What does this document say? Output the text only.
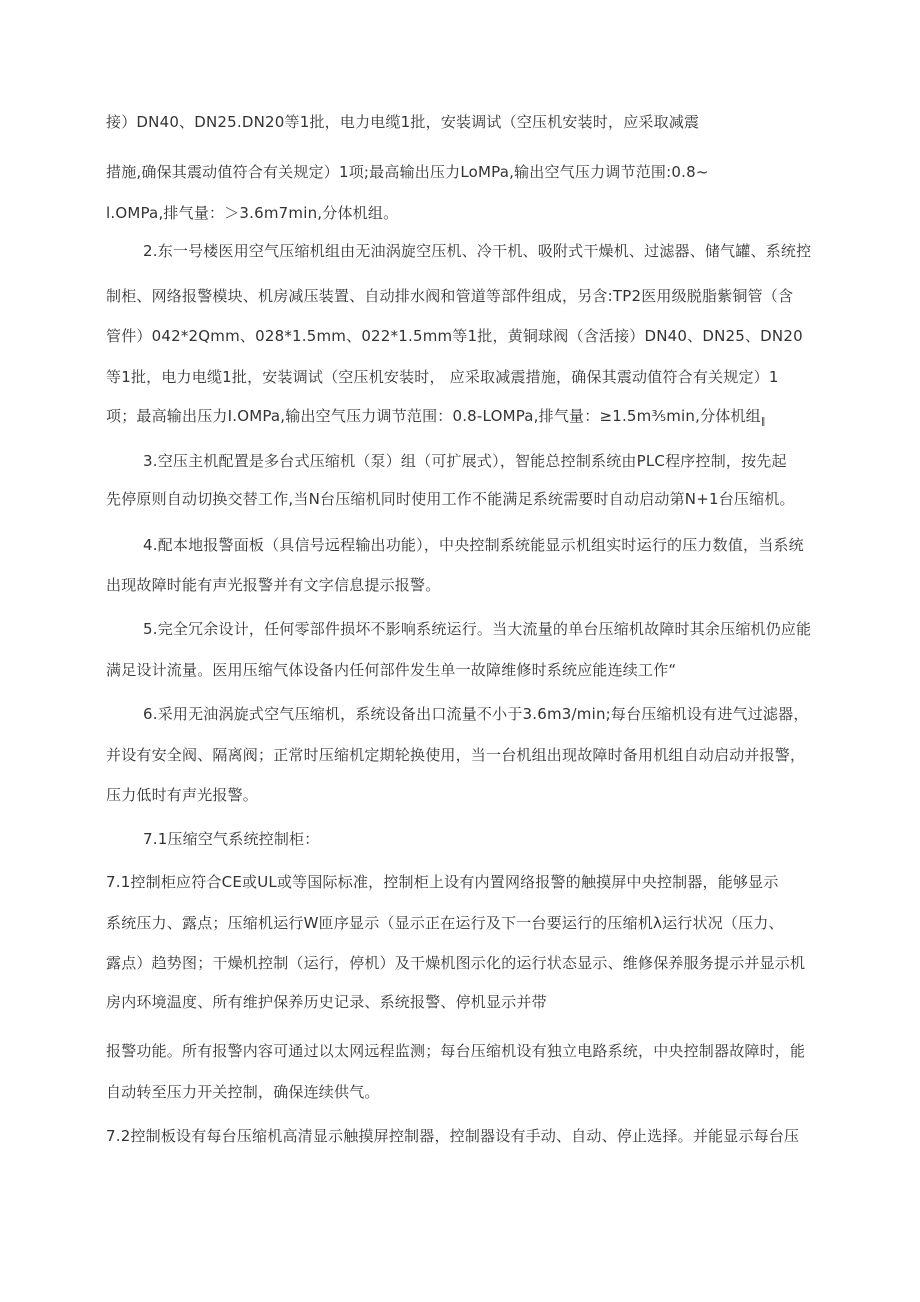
接）DN40、DN25.DN20等1批，电力电缆1批，安装调试（空压机安装时，应采取减震
措施,确保其震动值符合有关规定）1项;最高输出压力LoMPa,输出空气压力调节范围:0.8~
l.OMPa,排气量：＞3.6m7min,分体机组。
2.东一号楼医用空气压缩机组由无油涡旋空压机、冷干机、吸附式干燥机、过滤器、储气罐、系统控
制柜、网络报警模块、机房减压装置、自动排水阀和管道等部件组成，另含:TP2医用级脱脂紫铜管（含
管件）042*2Qmm、028*1.5mm、022*1.5mm等1批，黄铜球阀（含活接）DN40、DN25、DN20
等1批，电力电缆1批，安装调试（空压机安装时， 应采取减震措施，确保其震动值符合有关规定）1
项；最高输出压力I.OMPa,输出空气压力调节范围：0.8-LOMPa,排气量：≥1.5m⅗min,分体机组$_‖$
3.空压主机配置是多台式压缩机（泵）组（可扩展式），智能总控制系统由PLC程序控制，按先起
先停原则自动切换交替工作,当N台压缩机同时使用工作不能满足系统需要时自动启动第N+1台压缩机。
4.配本地报警面板（具信号远程输出功能），中央控制系统能显示机组实时运行的压力数值，当系统
出现故障时能有声光报警并有文字信息提示报警。
5.完全冗余设计，任何零部件损坏不影响系统运行。当大流量的单台压缩机故障时其余压缩机仍应能
满足设计流量。医用压缩气体设备内任何部件发生单一故障维修时系统应能连续工作“
6.采用无油涡旋式空气压缩机，系统设备出口流量不小于3.6m3/min;每台压缩机设有进气过滤器，
并设有安全阀、隔离阀；正常时压缩机定期轮换使用，当一台机组出现故障时备用机组自动启动并报警，
压力低时有声光报警。
7.1压缩空气系统控制柜：
7.1控制柜应符合CE或UL或等国际标准，控制柜上设有内置网络报警的触摸屏中央控制器，能够显示
系统压力、露点；压缩机运行W匝序显示（显示正在运行及下一台要运行的压缩机λ运行状况（压力、
露点）趋势图；干燥机控制（运行，停机）及干燥机图示化的运行状态显示、维修保养服务提示并显示机
房内环境温度、所有维护保养历史记录、系统报警、停机显示并带
报警功能。所有报警内容可通过以太网远程监测；每台压缩机设有独立电路系统，中央控制器故障时，能
自动转至压力开关控制，确保连续供气。
7.2控制板设有每台压缩机高清显示触摸屏控制器，控制器设有手动、自动、停止选择。并能显示每台压
